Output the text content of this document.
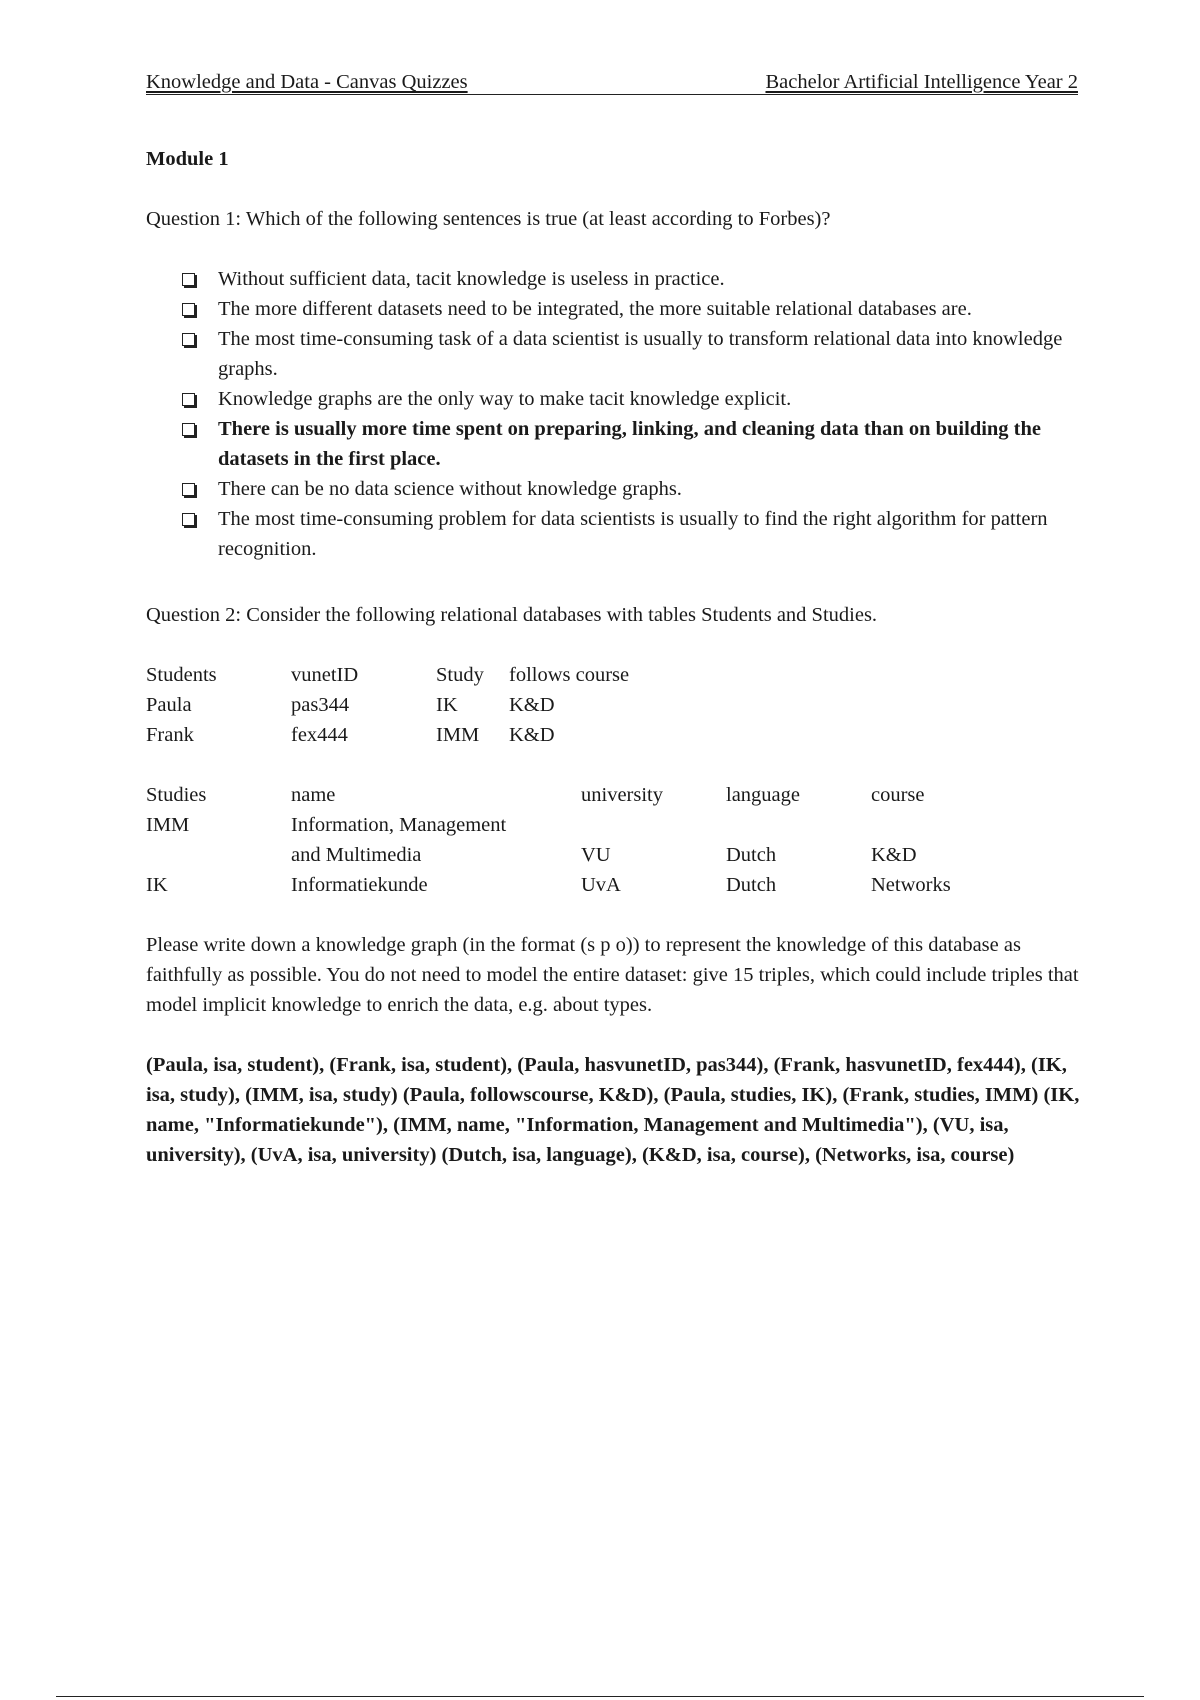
Knowledge and Data - Canvas Quizzes	Bachelor Artificial Intelligence Year 2
Module 1
Question 1: Which of the following sentences is true (at least according to Forbes)?
Without sufficient data, tacit knowledge is useless in practice.
The more different datasets need to be integrated, the more suitable relational databases are.
The most time-consuming task of a data scientist is usually to transform relational data into knowledge graphs.
Knowledge graphs are the only way to make tacit knowledge explicit.
There is usually more time spent on preparing, linking, and cleaning data than on building the datasets in the first place.
There can be no data science without knowledge graphs.
The most time-consuming problem for data scientists is usually to find the right algorithm for pattern recognition.
Question 2: Consider the following relational databases with tables Students and Studies.
Students	vunetID	Study	follows course
Paula	pas344	IK	K&D
Frank	fex444	IMM	K&D
Studies	name	university	language	course
IMM	Information, Management			
	and Multimedia	VU	Dutch	K&D
IK	Informatiekunde	UvA	Dutch	Networks
Please write down a knowledge graph (in the format (s p o)) to represent the knowledge of this database as faithfully as possible. You do not need to model the entire dataset: give 15 triples, which could include triples that model implicit knowledge to enrich the data, e.g. about types.
(Paula, isa, student), (Frank, isa, student), (Paula, hasvunetID, pas344), (Frank, hasvunetID, fex444), (IK, isa, study), (IMM, isa, study) (Paula, followscourse, K&D), (Paula, studies, IK), (Frank, studies, IMM) (IK, name, "Informatiekunde"), (IMM, name, "Information, Management and Multimedia"), (VU, isa, university), (UvA, isa, university) (Dutch, isa, language), (K&D, isa, course), (Networks, isa, course)
